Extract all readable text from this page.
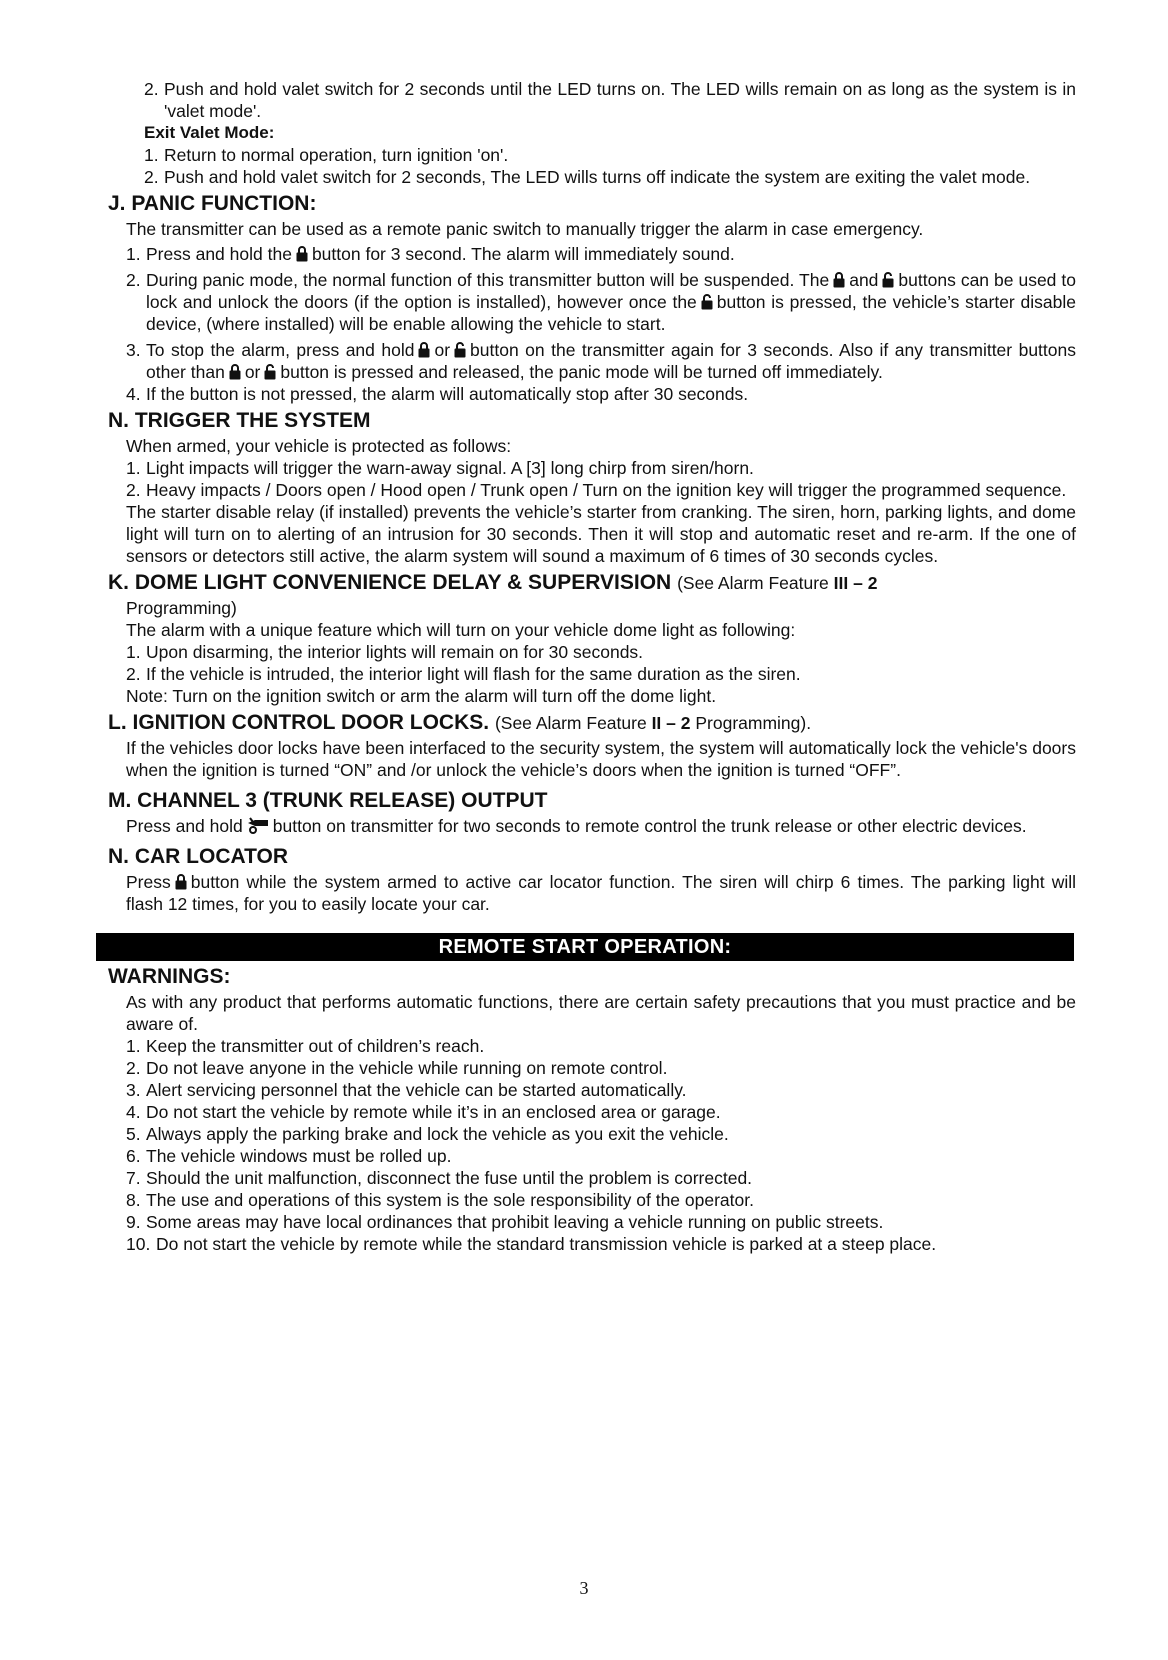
2. Push and hold valet switch for 2 seconds until the LED turns on. The LED wills remain on as long as the system is in 'valet mode'.
Exit Valet Mode:
1. Return to normal operation, turn ignition 'on'.
2. Push and hold valet switch for 2 seconds, The LED wills turns off indicate the system are exiting the valet mode.
J. PANIC FUNCTION:

The transmitter can be used as a remote panic switch to manually trigger the alarm in case emergency.

1. Press and hold the button for 3 second. The alarm will immediately sound.
2. During panic mode, the normal function of this transmitter button will be suspended. The and buttons can be used to lock and unlock the doors (if the option is installed), however once the button is pressed, the vehicle’s starter disable device, (where installed) will be enable allowing the vehicle to start.
3. To stop the alarm, press and hold or button on the transmitter again for 3 seconds. Also if any transmitter buttons other than or button is pressed and released, the panic mode will be turned off immediately.
4. If the button is not pressed, the alarm will automatically stop after 30 seconds.
N. TRIGGER THE SYSTEM

When armed, your vehicle is protected as follows:

1. Light impacts will trigger the warn-away signal. A [3] long chirp from siren/horn.
2. Heavy impacts / Doors open / Hood open / Trunk open / Turn on the ignition key will trigger the programmed sequence.

The starter disable relay (if installed) prevents the vehicle’s starter from cranking. The siren, horn, parking lights, and dome light will turn on to alerting of an intrusion for 30 seconds. Then it will stop and automatic reset and re-arm. If the one of sensors or detectors still active, the alarm system will sound a maximum of 6 times of 30 seconds cycles.

K. DOME LIGHT CONVENIENCE DELAY & SUPERVISION (See Alarm Feature III – 2

Programming)

The alarm with a unique feature which will turn on your vehicle dome light as following:

1. Upon disarming, the interior lights will remain on for 30 seconds.
2. If the vehicle is intruded, the interior light will flash for the same duration as the siren.

Note: Turn on the ignition switch or arm the alarm will turn off the dome light.

L. IGNITION CONTROL DOOR LOCKS. (See Alarm Feature II – 2 Programming).

If the vehicles door locks have been interfaced to the security system, the system will automatically lock the vehicle's doors when the ignition is turned “ON” and /or unlock the vehicle’s doors when the ignition is turned “OFF”.

M. CHANNEL 3 (TRUNK RELEASE) OUTPUT

Press and hold button on transmitter for two seconds to remote control the trunk release or other electric devices.

N. CAR LOCATOR

Press button while the system armed to active car locator function. The siren will chirp 6 times. The parking light will flash 12 times, for you to easily locate your car.

REMOTE START OPERATION:
WARNINGS:

As with any product that performs automatic functions, there are certain safety precautions that you must practice and be aware of.

1. Keep the transmitter out of children’s reach.
2. Do not leave anyone in the vehicle while running on remote control.
3. Alert servicing personnel that the vehicle can be started automatically.
4. Do not start the vehicle by remote while it’s in an enclosed area or garage.
5. Always apply the parking brake and lock the vehicle as you exit the vehicle.
6. The vehicle windows must be rolled up.
7. Should the unit malfunction, disconnect the fuse until the problem is corrected.
8. The use and operations of this system is the sole responsibility of the operator.
9. Some areas may have local ordinances that prohibit leaving a vehicle running on public streets.
10. Do not start the vehicle by remote while the standard transmission vehicle is parked at a steep place.
3
